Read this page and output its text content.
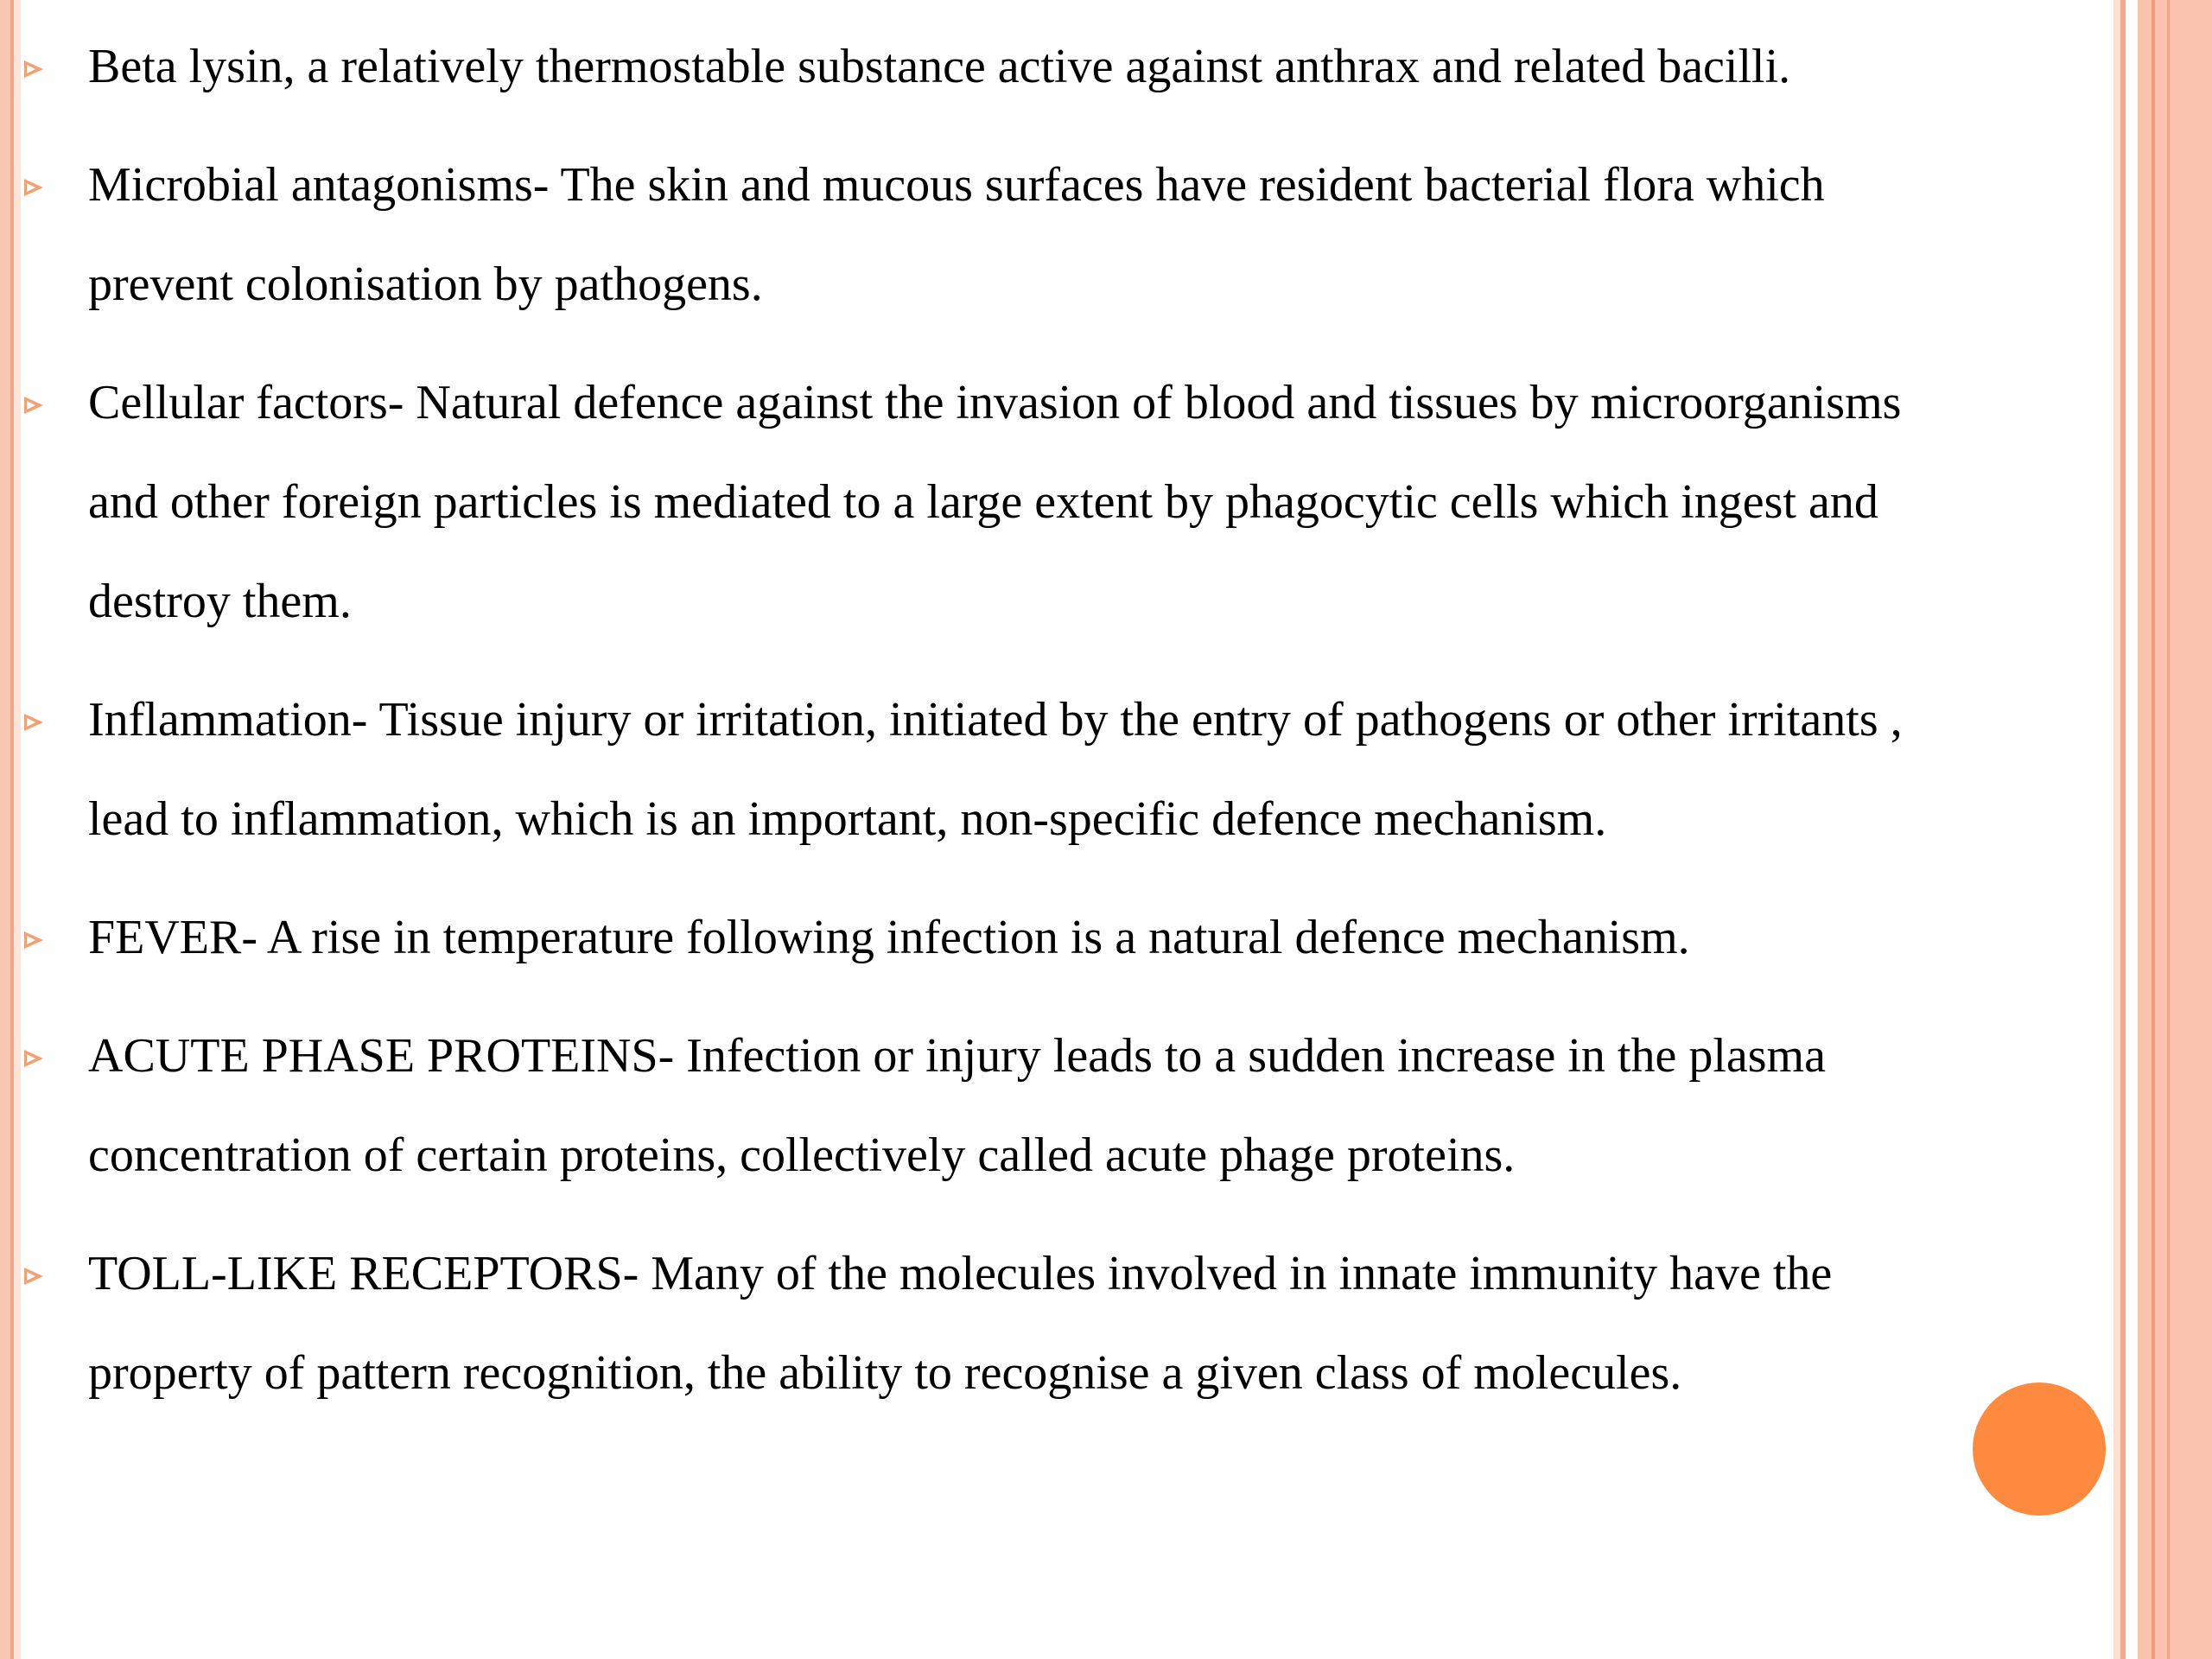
Beta lysin, a relatively thermostable substance active against anthrax and related bacilli.
Microbial antagonisms- The skin and mucous surfaces have resident bacterial flora which
prevent colonisation by pathogens.
Cellular factors- Natural defence against the invasion of blood and tissues by microorganisms
and other foreign particles is mediated to a large extent by phagocytic cells which ingest and
destroy them.
Inflammation- Tissue injury or irritation, initiated by the entry of pathogens or other irritants ,
lead to inflammation, which is an important, non-specific defence mechanism.
FEVER- A rise in temperature following infection is a natural defence mechanism.
ACUTE PHASE PROTEINS- Infection or injury leads to a sudden increase in the plasma
concentration of certain proteins, collectively called acute phage proteins.
TOLL-LIKE RECEPTORS- Many of the molecules involved in innate immunity have the
property of pattern recognition, the ability to recognise a given class of molecules.
